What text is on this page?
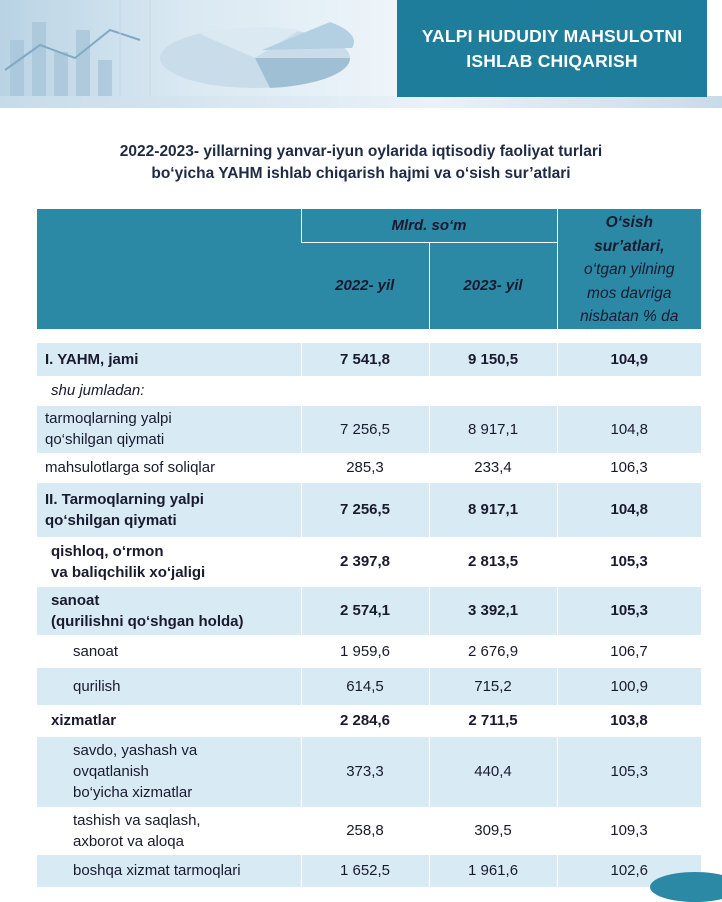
YALPI HUDUDIY MAHSULOTNI
ISHLAB CHIQARISH
2022-2023- yillarning yanvar-iyun oylarida iqtisodiy faoliyat turlari
bo‘yicha YAHM ishlab chiqarish hajmi va o‘sish sur’atlari
	Mlrd. so‘m		O‘sish
sur’atlari,
o‘tgan yilning
mos davriga
nisbatan % da

	2022- yil	2023- yil	

I. YAHM, jami	7 541,8	9 150,5	104,9
shu jumladan:			

tarmoqlarning yalpi
qo‘shilgan qiymati	7 256,5	8 917,1	104,8
mahsulotlarga sof soliqlar	285,3	233,4	106,3

II. Tarmoqlarning yalpi
qo‘shilgan qiymati	7 256,5	8 917,1	104,8

qishloq, o‘rmon
va baliqchilik xo‘jaligi	2 397,8	2 813,5	105,3

sanoat
(qurilishni qo‘shgan holda)	2 574,1	3 392,1	105,3
sanoat	1 959,6	2 676,9	106,7
qurilish	614,5	715,2	100,9
xizmatlar	2 284,6	2 711,5	103,8

savdo, yashash va
ovqatlanish
bo‘yicha xizmatlar	373,3	440,4	105,3

tashish va saqlash,
axborot va aloqa	258,8	309,5	109,3
boshqa xizmat tarmoqlari	1 652,5	1 961,6	102,6
